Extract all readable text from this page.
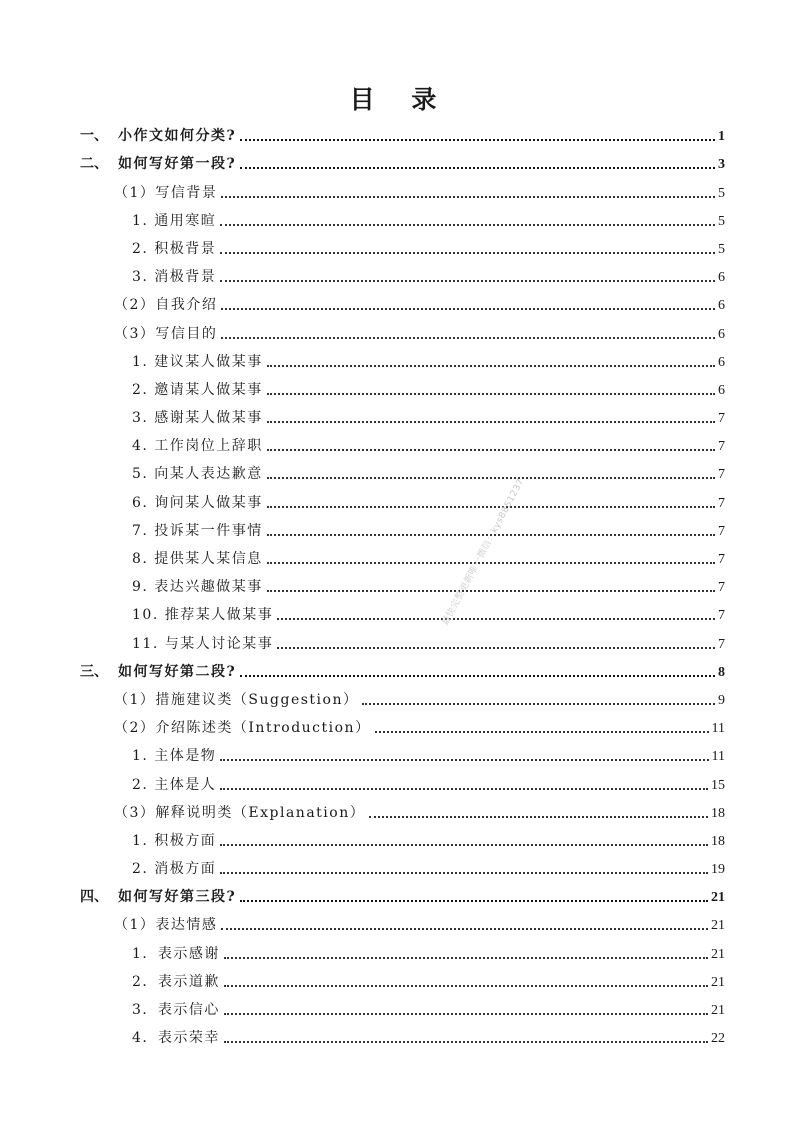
目 录
一、 小作文如何分类?	1
二、 如何写好第一段?	3
（1）写信背景	5
1. 通用寒暄	5
2. 积极背景	5
3. 消极背景	6
（2）自我介绍	6
（3）写信目的	6
1. 建议某人做某事	6
2. 邀请某人做某事	6
3. 感谢某人做某事	7
4. 工作岗位上辞职	7
5. 向某人表达歉意	7
6. 询问某人做某事	7
7. 投诉某一件事情	7
8. 提供某人某信息	7
9. 表达兴趣做某事	7
10. 推荐某人做某事	7
11. 与某人讨论某事	7
三、 如何写好第二段?	8
（1）措施建议类（Suggestion）	9
（2）介绍陈述类（Introduction）	11
1. 主体是物	11
2. 主体是人	15
（3）解释说明类（Explanation）	18
1. 积极方面	18
2. 消极方面	19
四、 如何写好第三段?	21
（1）表达情感	21
1．表示感谢	21
2．表示道歉	21
3．表示信心	21
4．表示荣幸	22
最快完整更新唯一微信：kys8851237
